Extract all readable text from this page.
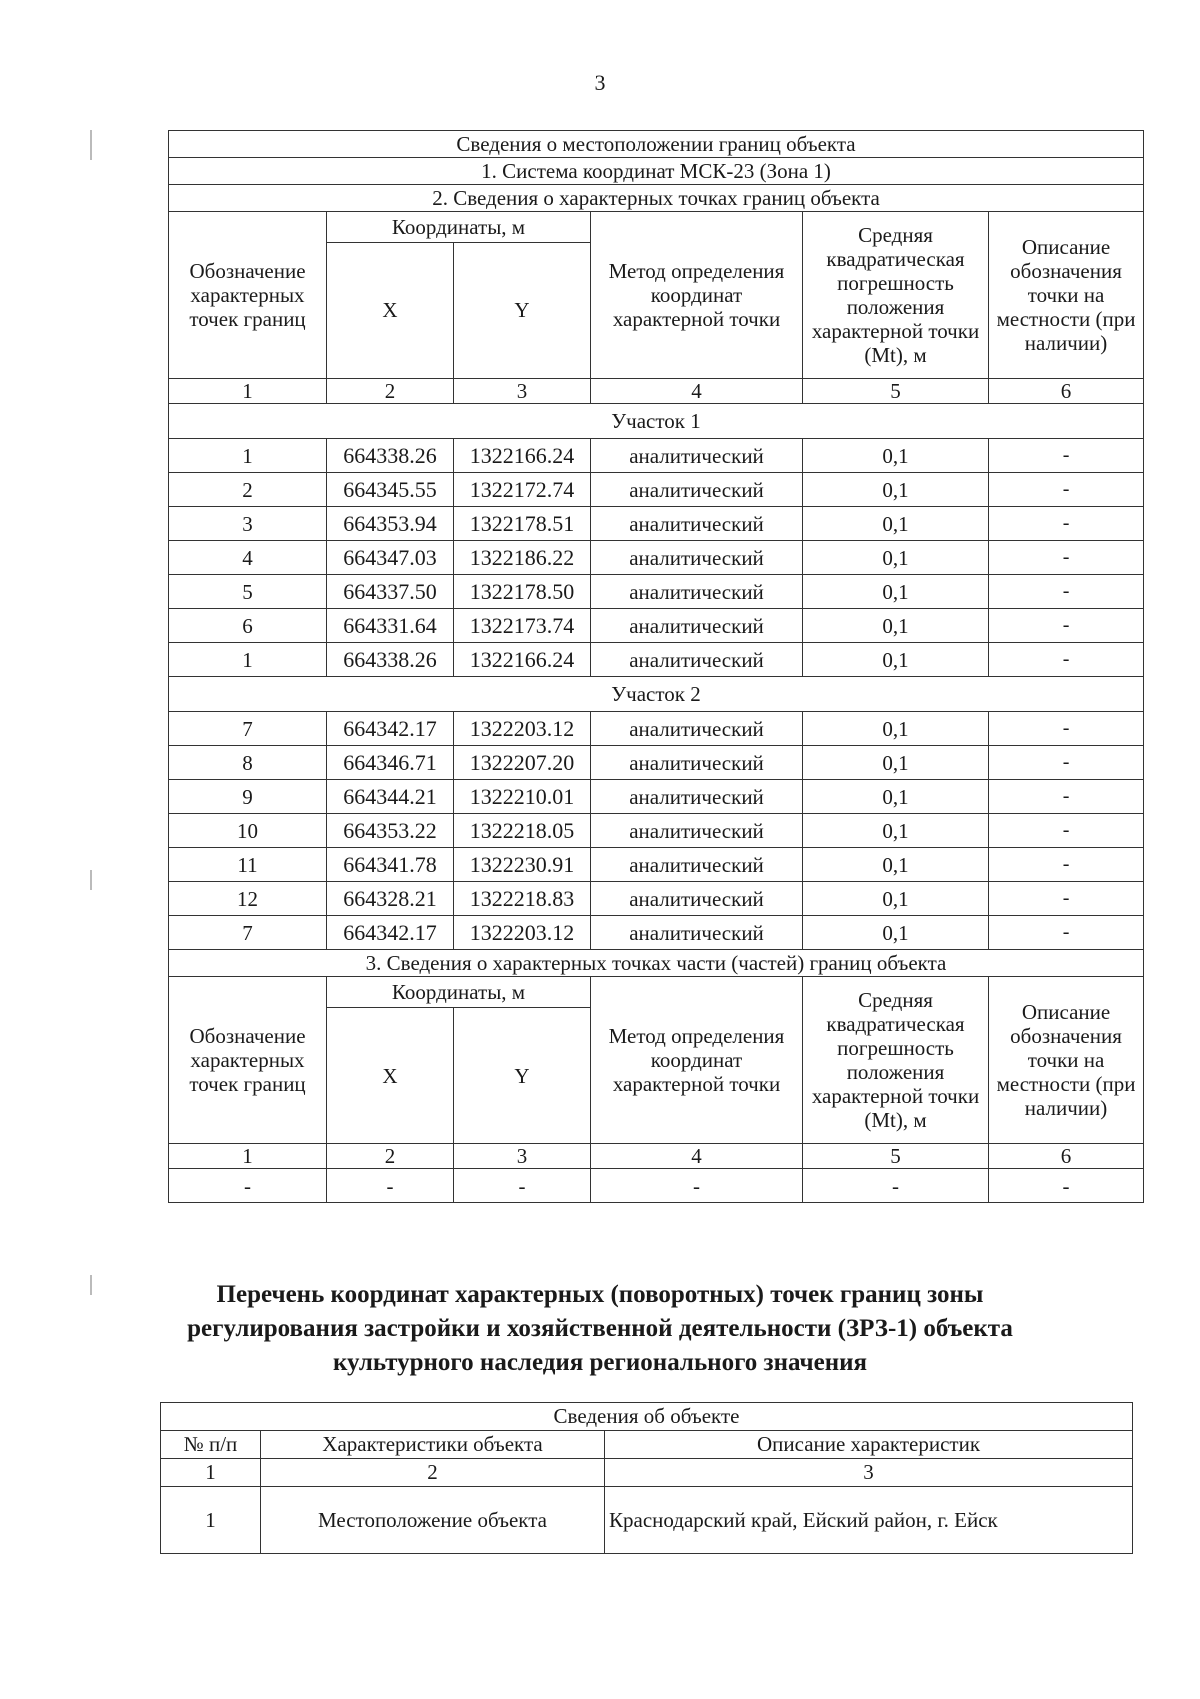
3
Сведения о местоположении границ объекта					
1. Система координат МСК-23 (Зона 1)					
2. Сведения о характерных точках границ объекта					
Обозначение характерных точек границ	Координаты, м		Метод определения координат характерной точки	Средняя квадратическая погрешность положения характерной точки (Mt), м	Описание обозначения точки на местности (при наличии)
	X	Y			
1	2	3	4	5	6
Участок 1					
1	664338.26	1322166.24	аналитический	0,1	-
2	664345.55	1322172.74	аналитический	0,1	-
3	664353.94	1322178.51	аналитический	0,1	-
4	664347.03	1322186.22	аналитический	0,1	-
5	664337.50	1322178.50	аналитический	0,1	-
6	664331.64	1322173.74	аналитический	0,1	-
1	664338.26	1322166.24	аналитический	0,1	-
Участок 2					
7	664342.17	1322203.12	аналитический	0,1	-
8	664346.71	1322207.20	аналитический	0,1	-
9	664344.21	1322210.01	аналитический	0,1	-
10	664353.22	1322218.05	аналитический	0,1	-
11	664341.78	1322230.91	аналитический	0,1	-
12	664328.21	1322218.83	аналитический	0,1	-
7	664342.17	1322203.12	аналитический	0,1	-
3. Сведения о характерных точках части (частей) границ объекта					
Обозначение характерных точек границ	Координаты, м		Метод определения координат характерной точки	Средняя квадратическая погрешность положения характерной точки (Mt), м	Описание обозначения точки на местности (при наличии)
	X	Y			
1	2	3	4	5	6
-	-	-	-	-	-
Перечень координат характерных (поворотных) точек границ зоны
регулирования застройки и хозяйственной деятельности (ЗРЗ-1) объекта
культурного наследия регионального значения
Сведения об объекте		
№ п/п	Характеристики объекта	Описание характеристик
1	2	3
1	Местоположение объекта	Краснодарский край, Ейский район, г. Ейск
